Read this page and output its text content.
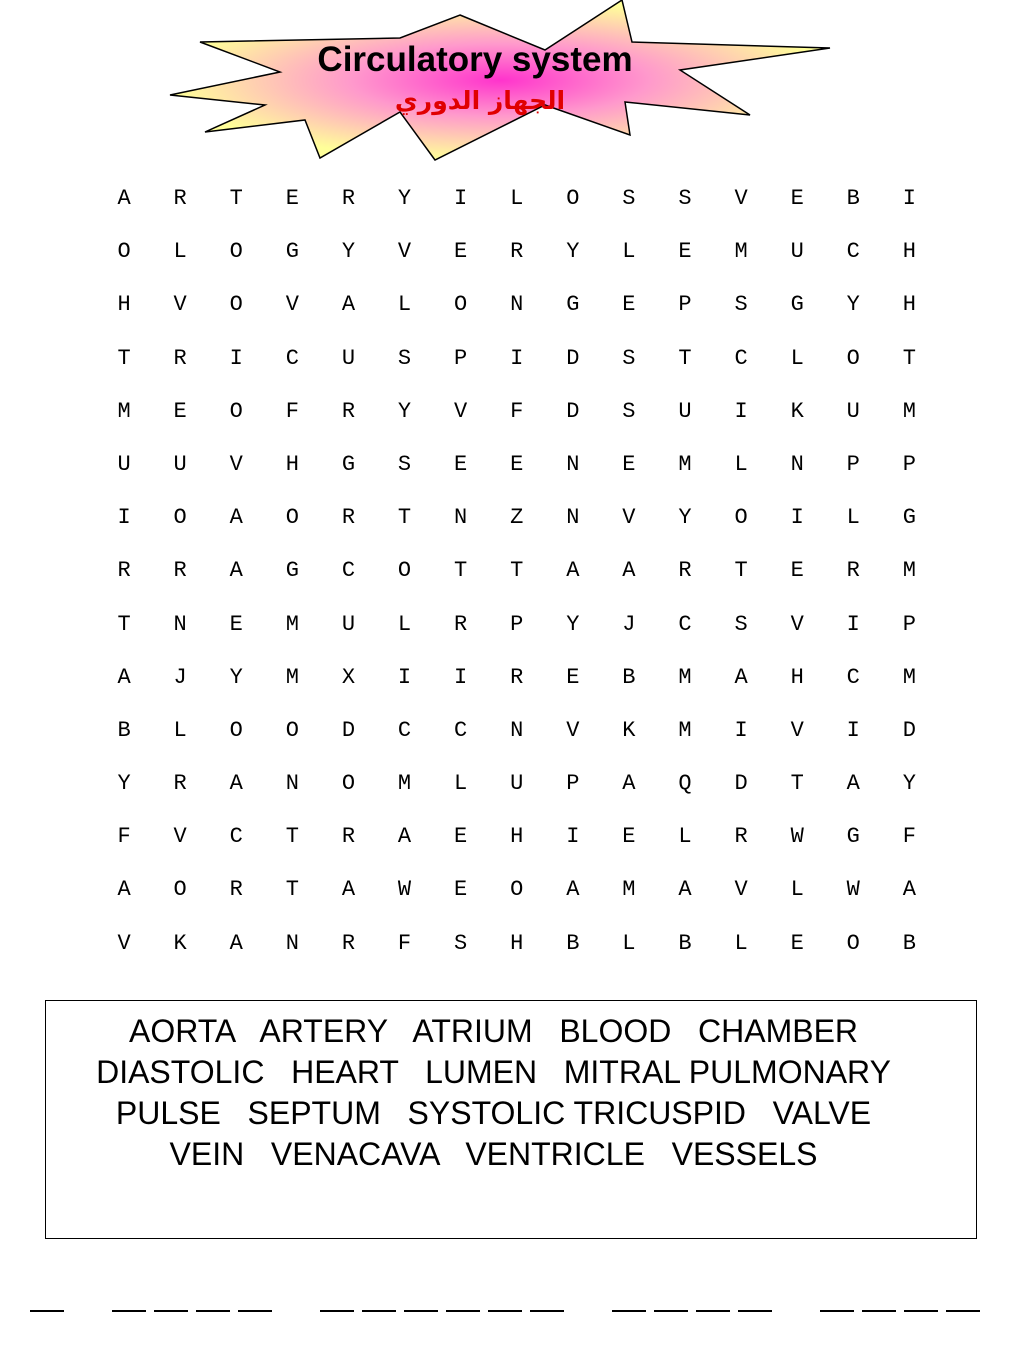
Circulatory system
الجهاز الدوري
A	R	T	E	R	Y	I	L	O	S	S	V	E	B	I
O	L	O	G	Y	V	E	R	Y	L	E	M	U	C	H
H	V	O	V	A	L	O	N	G	E	P	S	G	Y	H
T	R	I	C	U	S	P	I	D	S	T	C	L	O	T
M	E	O	F	R	Y	V	F	D	S	U	I	K	U	M
U	U	V	H	G	S	E	E	N	E	M	L	N	P	P
I	O	A	O	R	T	N	Z	N	V	Y	O	I	L	G
R	R	A	G	C	O	T	T	A	A	R	T	E	R	M
T	N	E	M	U	L	R	P	Y	J	C	S	V	I	P
A	J	Y	M	X	I	I	R	E	B	M	A	H	C	M
B	L	O	O	D	C	C	N	V	K	M	I	V	I	D
Y	R	A	N	O	M	L	U	P	A	Q	D	T	A	Y
F	V	C	T	R	A	E	H	I	E	L	R	W	G	F
A	O	R	T	A	W	E	O	A	M	A	V	L	W	A
V	K	A	N	R	F	S	H	B	L	B	L	E	O	B
AORTA   ARTERY   ATRIUM   BLOOD   CHAMBER
DIASTOLIC   HEART   LUMEN   MITRAL PULMONARY
PULSE   SEPTUM   SYSTOLIC TRICUSPID   VALVE
VEIN   VENACAVA   VENTRICLE   VESSELS
